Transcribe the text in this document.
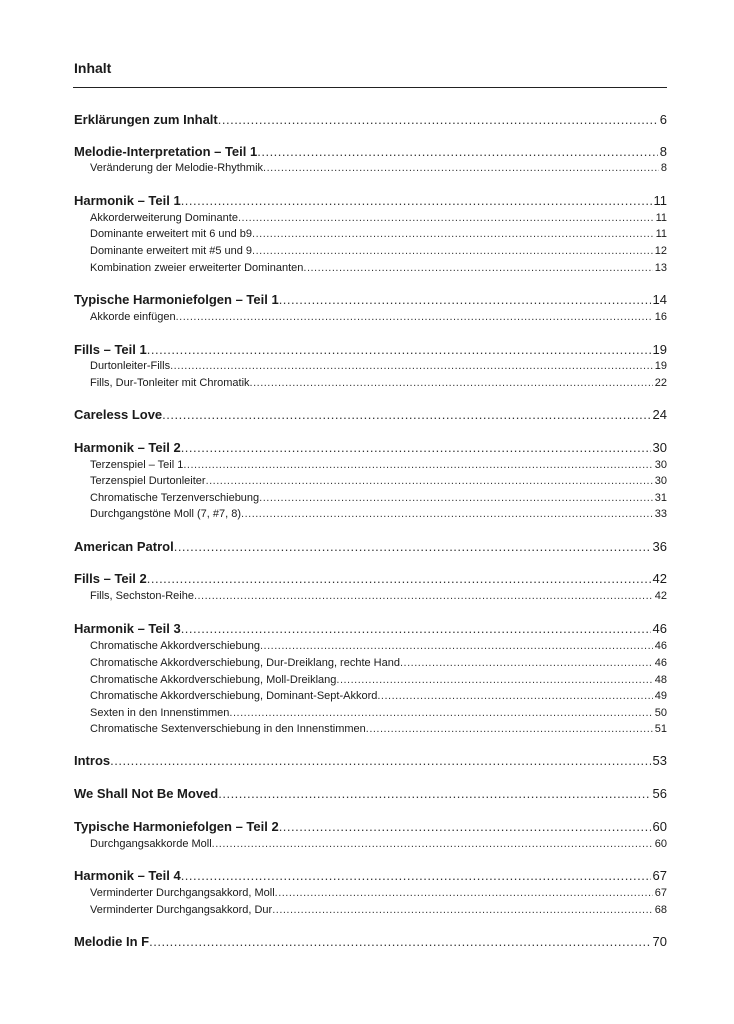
Inhalt
Erklärungen zum Inhalt .....	6
Melodie-Interpretation – Teil 1 .....	8
Veränderung der Melodie-Rhythmik .....	8
Harmonik – Teil 1 .....	11
Akkorderweiterung Dominante .....	11
Dominante erweitert mit 6 und b9 .....	11
Dominante erweitert mit #5 und 9 .....	12
Kombination zweier erweiterter Dominanten .....	13
Typische Harmoniefolgen – Teil 1 .....	14
Akkorde einfügen .....	16
Fills – Teil 1 .....	19
Durtonleiter-Fills .....	19
Fills, Dur-Tonleiter mit Chromatik .....	22
Careless Love .....	24
Harmonik – Teil 2 .....	30
Terzenspiel – Teil 1 .....	30
Terzenspiel Durtonleiter .....	30
Chromatische Terzenverschiebung .....	31
Durchgangstöne Moll (7, #7, 8) .....	33
American Patrol .....	36
Fills – Teil 2 .....	42
Fills, Sechston-Reihe .....	42
Harmonik – Teil 3 .....	46
Chromatische Akkordverschiebung .....	46
Chromatische Akkordverschiebung, Dur-Dreiklang, rechte Hand .....	46
Chromatische Akkordverschiebung, Moll-Dreiklang .....	48
Chromatische Akkordverschiebung, Dominant-Sept-Akkord .....	49
Sexten in den Innenstimmen .....	50
Chromatische Sextenverschiebung in den Innenstimmen .....	51
Intros .....	53
We Shall Not Be Moved .....	56
Typische Harmoniefolgen – Teil 2 .....	60
Durchgangsakkorde Moll .....	60
Harmonik – Teil 4 .....	67
Verminderter Durchgangsakkord, Moll .....	67
Verminderter Durchgangsakkord, Dur .....	68
Melodie In F .....	70
